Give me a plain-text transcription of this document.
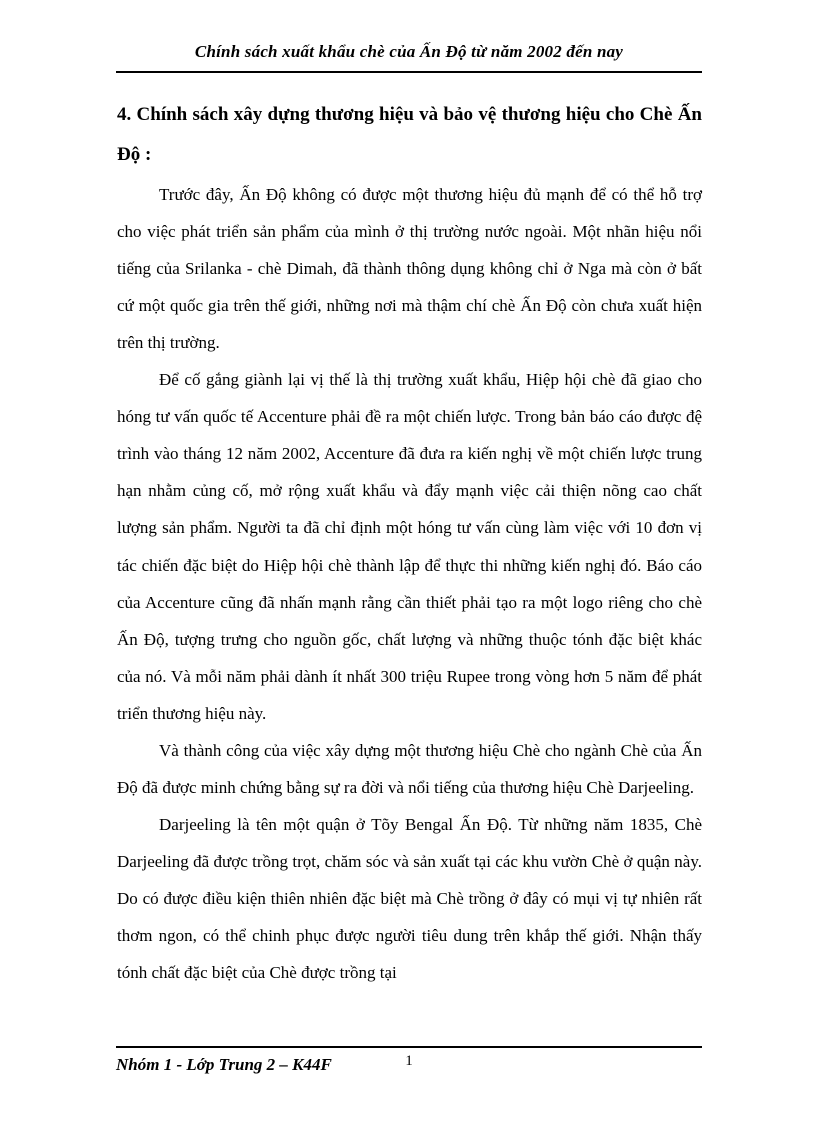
Chính sách xuất khẩu chè của Ấn Độ từ năm 2002 đến nay
4. Chính sách xây dựng thương hiệu và bảo vệ thương hiệu cho Chè Ấn Độ :

Trước đây, Ấn Độ không có được một thương hiệu đủ mạnh để có thể hỗ trợ cho việc phát triển sản phẩm của mình ở thị trường nước ngoài. Một nhãn hiệu nổi tiếng của Srilanka - chè Dimah, đã thành thông dụng không chỉ ở Nga mà còn ở bất cứ một quốc gia trên thế giới, những nơi mà thậm chí chè Ấn Độ còn chưa xuất hiện trên thị trường.

Để cố gắng giành lại vị thế là thị trường xuất khẩu, Hiệp hội chè đã giao cho hóng tư vấn quốc tế Accenture phải đề ra một chiến lược. Trong bản báo cáo được đệ trình vào tháng 12 năm 2002, Accenture đã đưa ra kiến nghị về một chiến lược trung hạn nhằm củng cố, mở rộng xuất khẩu và đẩy mạnh việc cải thiện nõng cao chất lượng sản phẩm. Người ta đã chỉ định một hóng tư vấn cùng làm việc với 10 đơn vị tác chiến đặc biệt do Hiệp hội chè thành lập để thực thi những kiến nghị đó. Báo cáo của Accenture cũng đã nhấn mạnh rằng cần thiết phải tạo ra một logo riêng cho chè Ấn Độ, tượng trưng cho nguồn gốc, chất lượng và những thuộc tónh đặc biệt khác của nó. Và mỗi năm phải dành ít nhất 300 triệu Rupee trong vòng hơn 5 năm để phát triển thương hiệu này.

Và thành công của việc xây dựng một thương hiệu Chè cho ngành Chè của Ấn Độ đã được minh chứng bằng sự ra đời và nổi tiếng của thương hiệu Chè Darjeeling.

Darjeeling là tên một quận ở Tõy Bengal Ấn Độ. Từ những năm 1835, Chè Darjeeling đã được trồng trọt, chăm sóc và sản xuất tại các khu vườn Chè ở quận này. Do có được điều kiện thiên nhiên đặc biệt mà Chè trồng ở đây có mụi vị tự nhiên rất thơm ngon, có thể chinh phục được người tiêu dung trên khắp thế giới. Nhận thấy tónh chất đặc biệt của Chè được trồng tại

Nhóm 1 - Lớp Trung 2 – K44F	1
